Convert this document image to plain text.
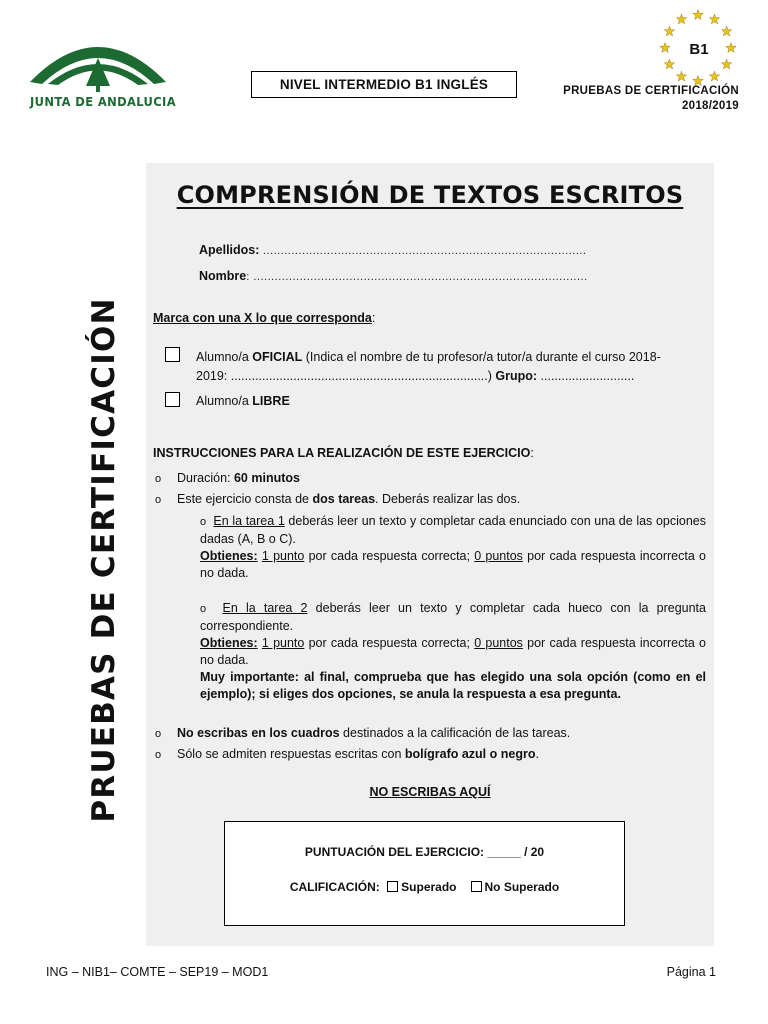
JUNTA DE ANDALUCIA
NIVEL INTERMEDIO B1 INGLÉS
B1
PRUEBAS DE CERTIFICACIÓN
2018/2019
PRUEBAS DE CERTIFICACIÓN
COMPRENSIÓN DE TEXTOS ESCRITOS
Apellidos: ...........................................................................................
Nombre: ..............................................................................................
Marca con una X lo que corresponda:
Alumno/a OFICIAL (Indica el nombre de tu profesor/a tutor/a durante el curso 2018-
2019: ..........................................................................) Grupo: ...........................
Alumno/a LIBRE
INSTRUCCIONES PARA LA REALIZACIÓN DE ESTE EJERCICIO:
o Duración: 60 minutos
o Este ejercicio consta de dos tareas. Deberás realizar las dos.
o En la tarea 1 deberás leer un texto y completar cada enunciado con una de las opciones dadas (A, B o C).
Obtienes: 1 punto por cada respuesta correcta; 0 puntos por cada respuesta incorrecta o no dada.
o En la tarea 2 deberás leer un texto y completar cada hueco con la pregunta correspondiente.
Obtienes: 1 punto por cada respuesta correcta; 0 puntos por cada respuesta incorrecta o no dada.
Muy importante: al final, comprueba que has elegido una sola opción (como en el ejemplo); si eliges dos opciones, se anula la respuesta a esa pregunta.
o No escribas en los cuadros destinados a la calificación de las tareas.
o Sólo se admiten respuestas escritas con bolígrafo azul o negro.
NO ESCRIBAS AQUÍ
PUNTUACIÓN DEL EJERCICIO: _____ / 20
CALIFICACIÓN: Superado No Superado
ING – NIB1– COMTE – SEP19 – MOD1	Página 1
